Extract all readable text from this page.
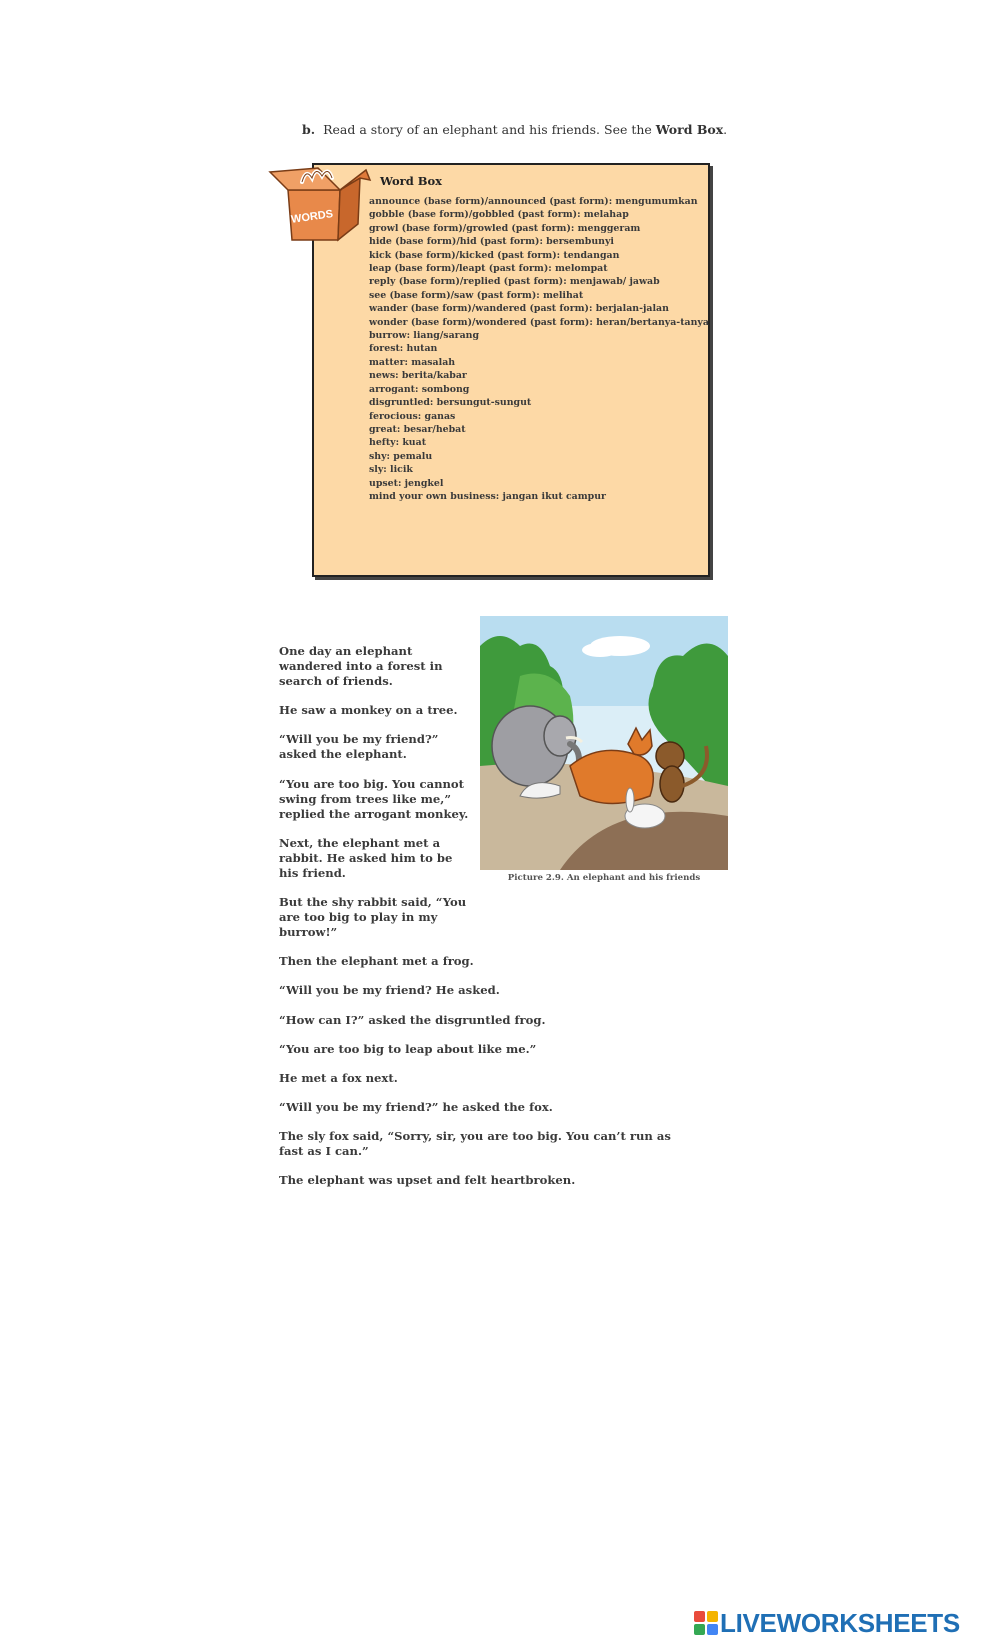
b. Read a story of an elephant and his friends. See the Word Box.
Word Box
announce (base form)/announced (past form): mengumumkan
gobble (base form)/gobbled (past form): melahap
growl (base form)/growled (past form): menggeram
hide (base form)/hid (past form): bersembunyi
kick (base form)/kicked (past form): tendangan
leap (base form)/leapt (past form): melompat
reply (base form)/replied (past form): menjawab/ jawab
see (base form)/saw (past form): melihat
wander (base form)/wandered (past form): berjalan-jalan
wonder (base form)/wondered (past form): heran/bertanya-tanya
burrow: liang/sarang
forest: hutan
matter: masalah
news: berita/kabar
arrogant: sombong
disgruntled: bersungut-sungut
ferocious: ganas
great: besar/hebat
hefty: kuat
shy: pemalu
sly: licik
upset: jengkel
mind your own business: jangan ikut campur
WORDS
One day an elephant wandered into a forest in search of friends.
He saw a monkey on a tree.
“Will you be my friend?” asked the elephant.
“You are too big. You cannot swing from trees like me,” replied the arrogant monkey.
Next, the elephant met a rabbit. He asked him to be his friend.
But the shy rabbit said, “You are too big to play in my burrow!”
Then the elephant met a frog.
“Will you be my friend? He asked.
“How can I?” asked the disgruntled frog.
“You are too big to leap about like me.”
He met a fox next.
“Will you be my friend?” he asked the fox.
The sly fox said, “Sorry, sir, you are too big. You can’t run as fast as I can.”
The elephant was upset and felt heartbroken.
Picture 2.9. An elephant and his friends
LIVEWORKSHEETS
